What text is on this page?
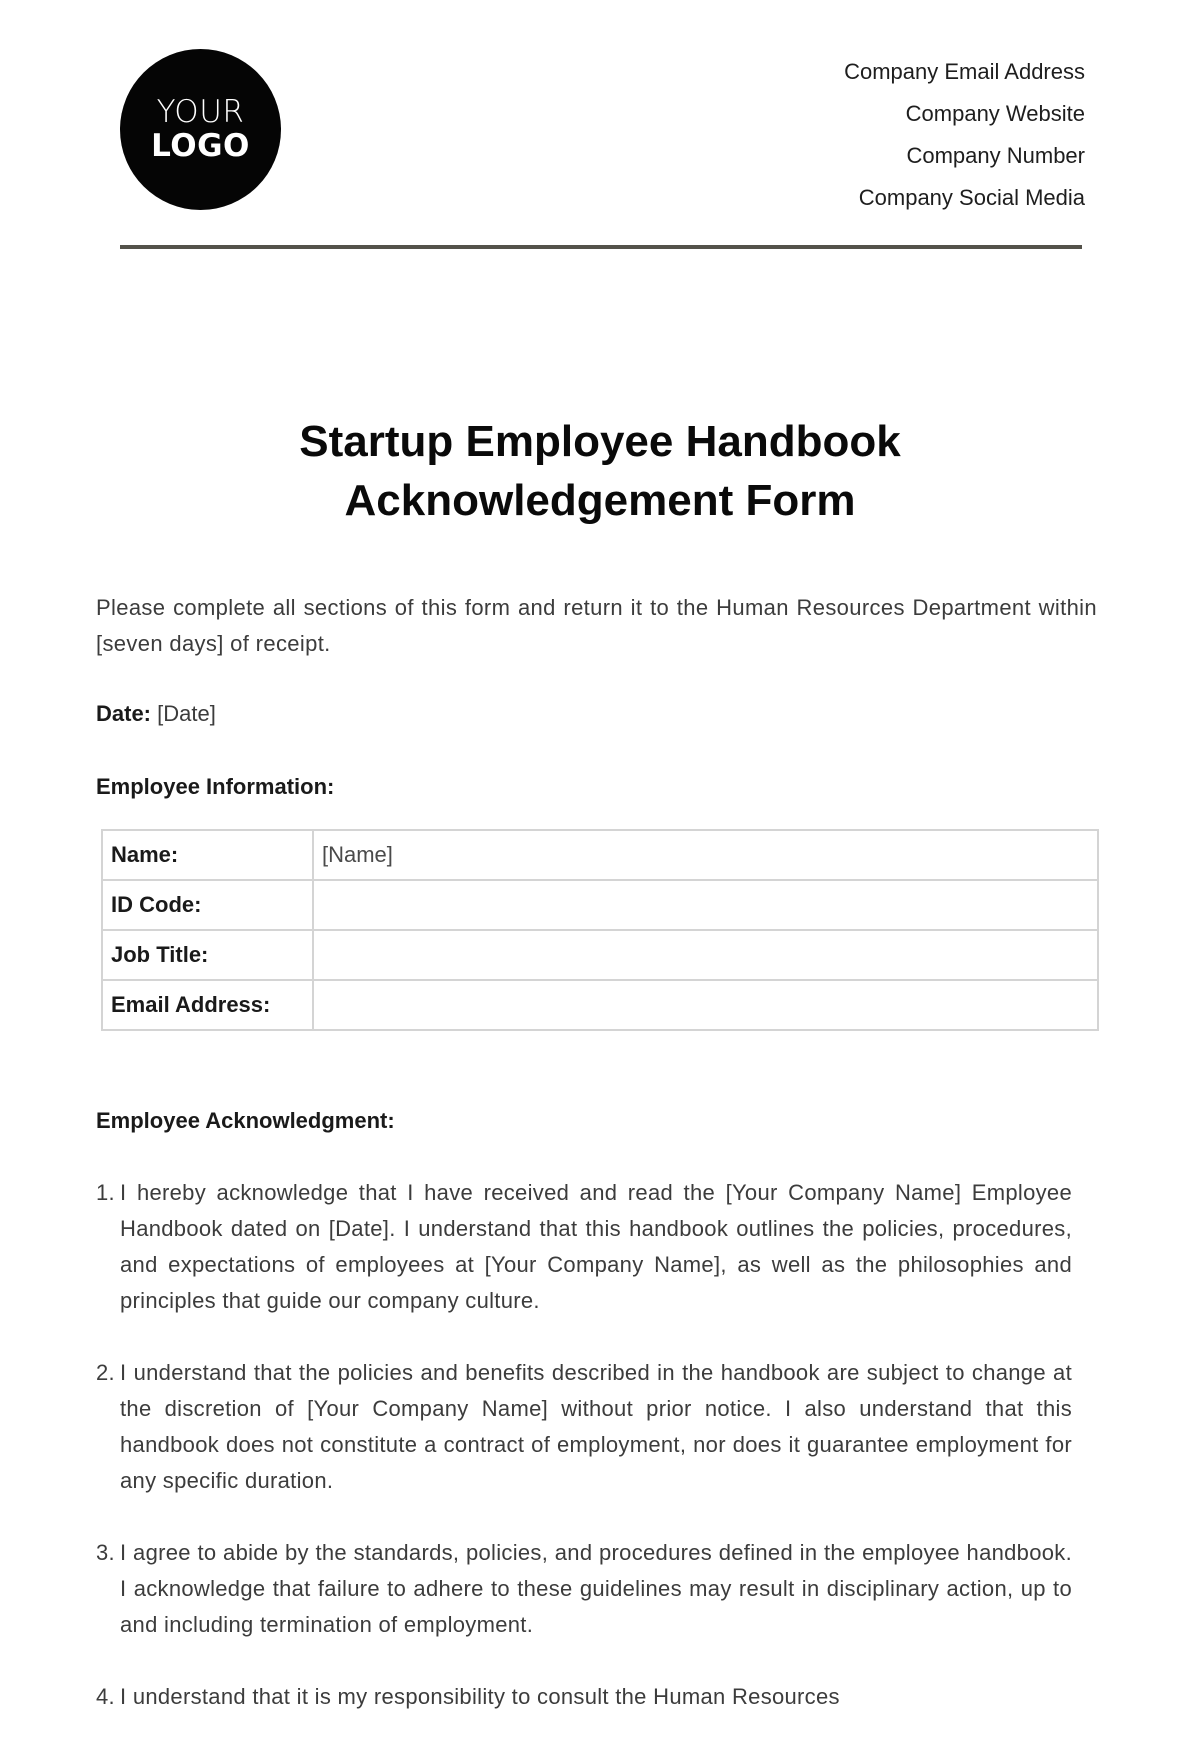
YOUR
LOGO
Company Email Address
Company Website
Company Number
Company Social Media
Startup Employee Handbook
Acknowledgement Form
Please complete all sections of this form and return it to the Human Resources Department within [seven days] of receipt.
Date: [Date]
Employee Information:
Name:	[Name]
ID Code:	
Job Title:	
Email Address:	
Employee Acknowledgment:
1. I hereby acknowledge that I have received and read the [Your Company Name] Employee Handbook dated on [Date]. I understand that this handbook outlines the policies, procedures, and expectations of employees at [Your Company Name], as well as the philosophies and principles that guide our company culture.
2. I understand that the policies and benefits described in the handbook are subject to change at the discretion of [Your Company Name] without prior notice. I also understand that this handbook does not constitute a contract of employment, nor does it guarantee employment for any specific duration.
3. I agree to abide by the standards, policies, and procedures defined in the employee handbook. I acknowledge that failure to adhere to these guidelines may result in disciplinary action, up to and including termination of employment.
4. I understand that it is my responsibility to consult the Human Resources
